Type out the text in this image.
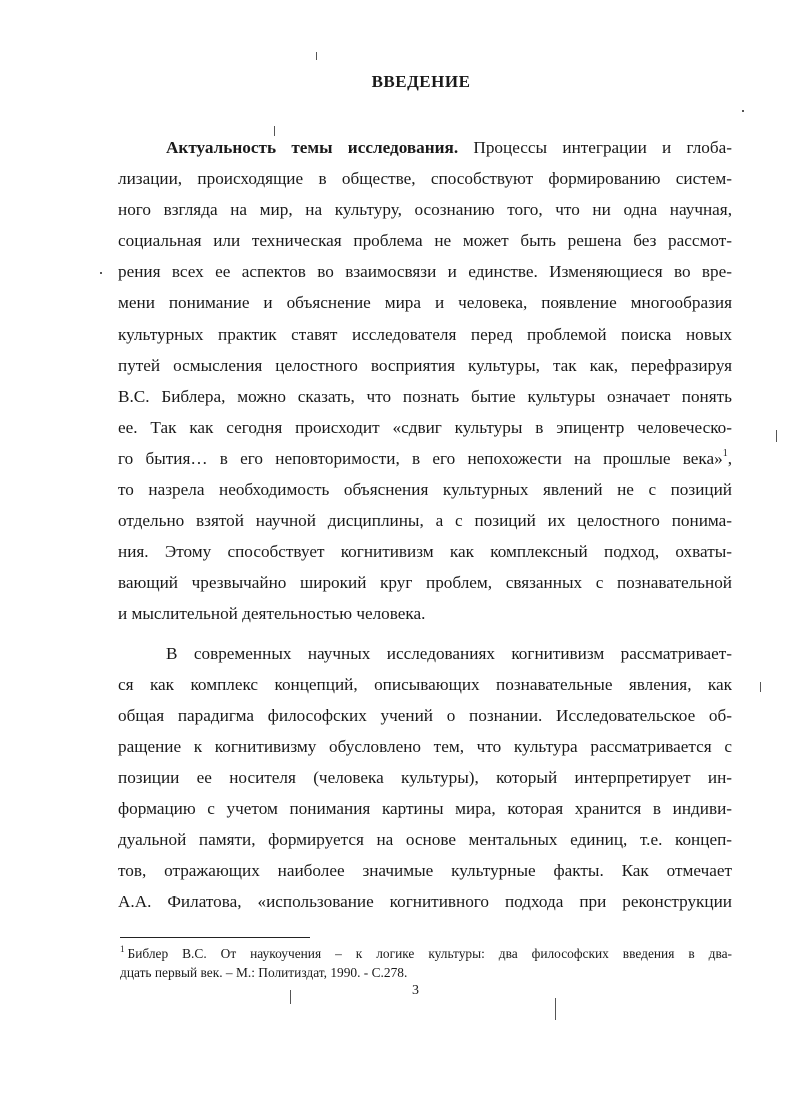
ВВЕДЕНИЕ
Актуальность темы исследования. Процессы интеграции и глоба-
лизации, происходящие в обществе, способствуют формированию систем-
ного взгляда на мир, на культуру, осознанию того, что ни одна научная,
социальная или техническая проблема не может быть решена без рассмот-
рения всех ее аспектов во взаимосвязи и единстве. Изменяющиеся во вре-
мени понимание и объяснение мира и человека, появление многообразия
культурных практик ставят исследователя перед проблемой поиска новых
путей осмысления целостного восприятия культуры, так как, перефразируя
В.С. Библера, можно сказать, что познать бытие культуры означает понять
ее. Так как сегодня происходит «сдвиг культуры в эпицентр человеческо-
го бытия… в его неповторимости, в его непохожести на прошлые века»$^1$,
то назрела необходимость объяснения культурных явлений не с позиций
отдельно взятой научной дисциплины, а с позиций их целостного понима-
ния. Этому способствует когнитивизм как комплексный подход, охваты-
вающий чрезвычайно широкий круг проблем, связанных с познавательной
и мыслительной деятельностью человека.
В современных научных исследованиях когнитивизм рассматривает-
ся как комплекс концепций, описывающих познавательные явления, как
общая парадигма философских учений о познании. Исследовательское об-
ращение к когнитивизму обусловлено тем, что культура рассматривается с
позиции ее носителя (человека культуры), который интерпретирует ин-
формацию с учетом понимания картины мира, которая хранится в индиви-
дуальной памяти, формируется на основе ментальных единиц, т.е. концеп-
тов, отражающих наиболее значимые культурные факты. Как отмечает
А.А. Филатова, «использование когнитивного подхода при реконструкции
$^1$ Библер В.С. От наукоучения – к логике культуры: два философских введения в два-
дцать первый век. – М.: Политиздат, 1990. - С.278.
3
